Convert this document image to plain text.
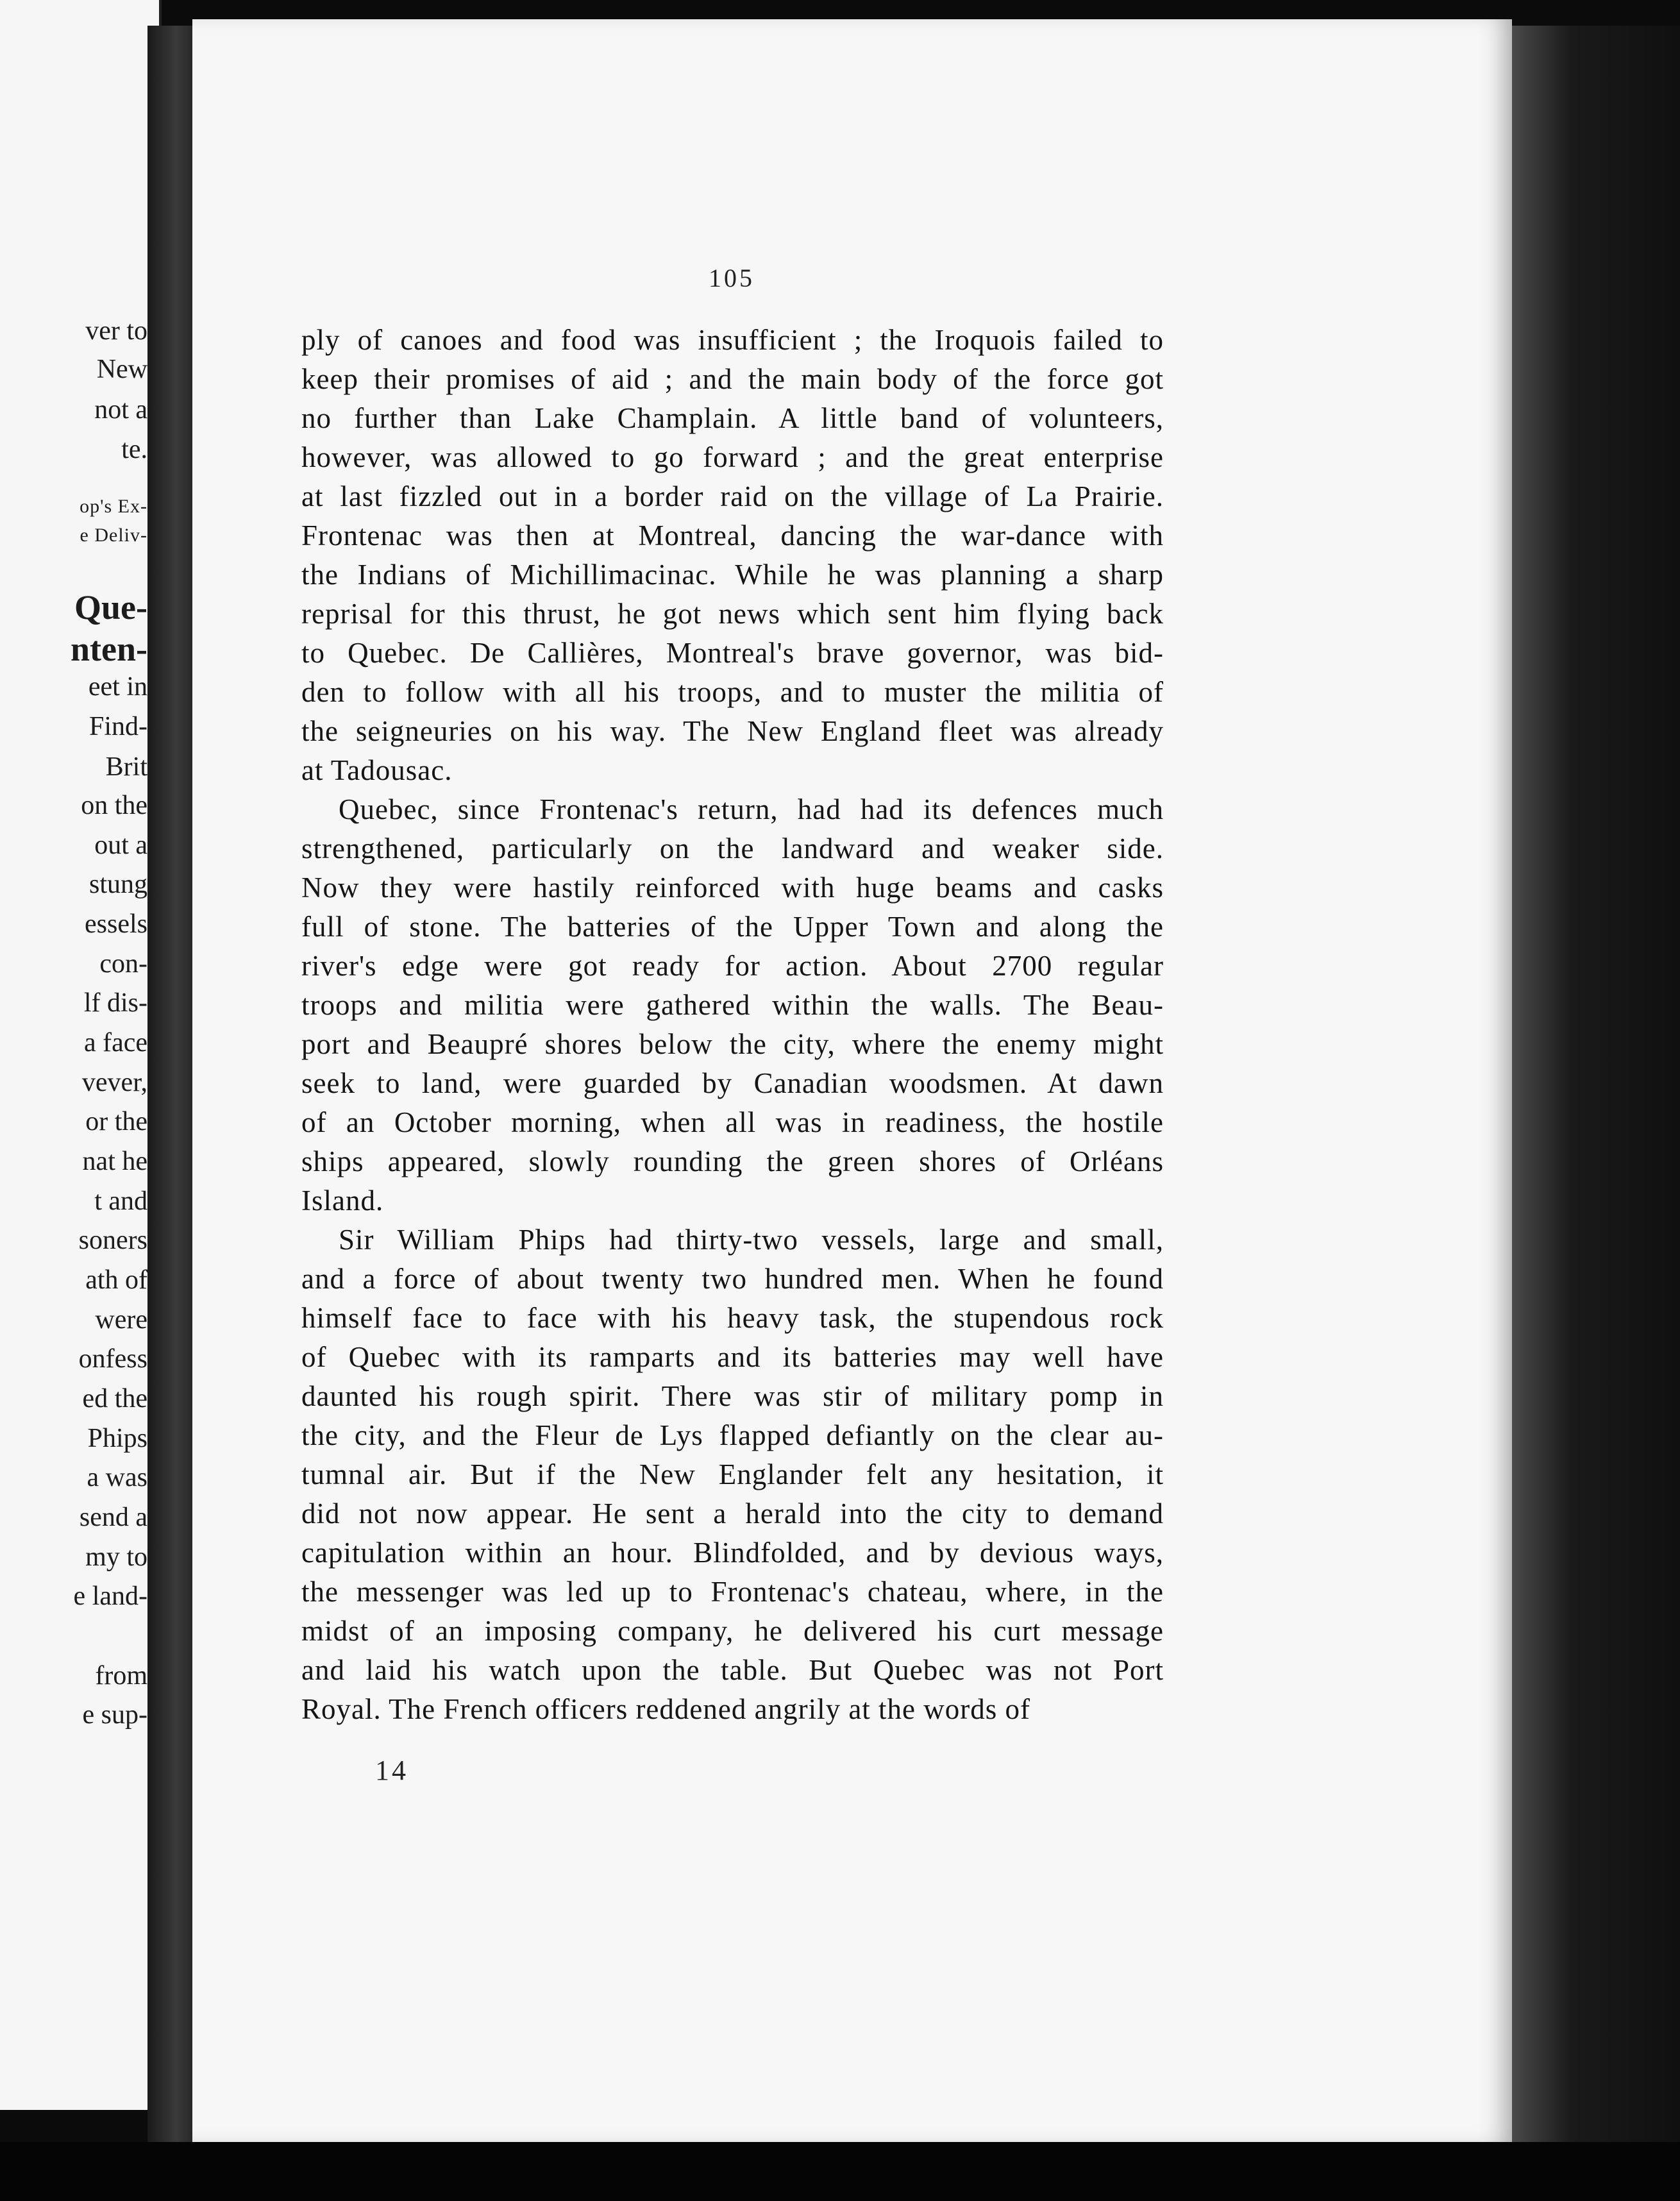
ver to
New
not a
te.
op's Ex-
e Deliv-
Que-
nten-
eet in
Find-
Brit
on the
out a
stung
essels
con-
lf dis-
a face
vever,
or the
nat he
t and
soners
ath of
were
onfess
ed the
Phips
a was
send a
my to
e land-
from
e sup-
105
ply of canoes and food was insufficient ; the Iroquois failed to
keep their promises of aid ; and the main body of the force got
no further than Lake Champlain. A little band of volunteers,
however, was allowed to go forward ; and the great enterprise
at last fizzled out in a border raid on the village of La Prairie.
Frontenac was then at Montreal, dancing the war-dance with
the Indians of Michillimacinac. While he was planning a sharp
reprisal for this thrust, he got news which sent him flying back
to Quebec. De Callières, Montreal's brave governor, was bid-
den to follow with all his troops, and to muster the militia of
the seigneuries on his way. The New England fleet was already
at Tadousac.
Quebec, since Frontenac's return, had had its defences much
strengthened, particularly on the landward and weaker side.
Now they were hastily reinforced with huge beams and casks
full of stone. The batteries of the Upper Town and along the
river's edge were got ready for action. About 2700 regular
troops and militia were gathered within the walls. The Beau-
port and Beaupré shores below the city, where the enemy might
seek to land, were guarded by Canadian woodsmen. At dawn
of an October morning, when all was in readiness, the hostile
ships appeared, slowly rounding the green shores of Orléans
Island.
Sir William Phips had thirty-two vessels, large and small,
and a force of about twenty two hundred men. When he found
himself face to face with his heavy task, the stupendous rock
of Quebec with its ramparts and its batteries may well have
daunted his rough spirit. There was stir of military pomp in
the city, and the Fleur de Lys flapped defiantly on the clear au-
tumnal air. But if the New Englander felt any hesitation, it
did not now appear. He sent a herald into the city to demand
capitulation within an hour. Blindfolded, and by devious ways,
the messenger was led up to Frontenac's chateau, where, in the
midst of an imposing company, he delivered his curt message
and laid his watch upon the table. But Quebec was not Port
Royal. The French officers reddened angrily at the words of
14
